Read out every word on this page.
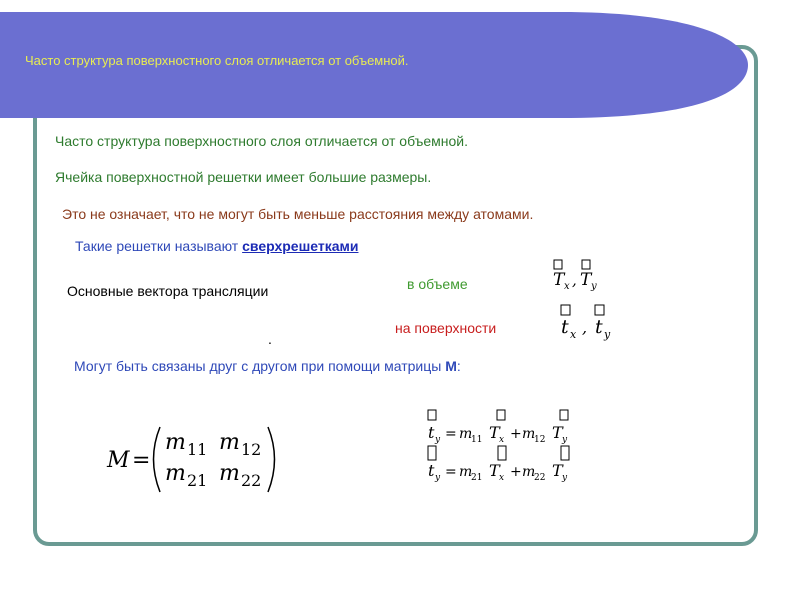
Часто структура поверхностного слоя отличается от объемной.
Часто структура поверхностного слоя отличается от объемной.
Ячейка поверхностной решетки имеет большие размеры.
Это не означает, что не могут быть меньше расстояния между атомами.
Такие решетки называют сверхрешетками
Основные вектора трансляции	в объеме
на поверхности
.
Могут быть связаны друг с другом при помощи матрицы M:
T x , T y
t x , t y
M =
m 11 m 12
m 21 m 22
t y = m
11 T x + m
12 T y
t y = m
21 T x + m
22 T y
